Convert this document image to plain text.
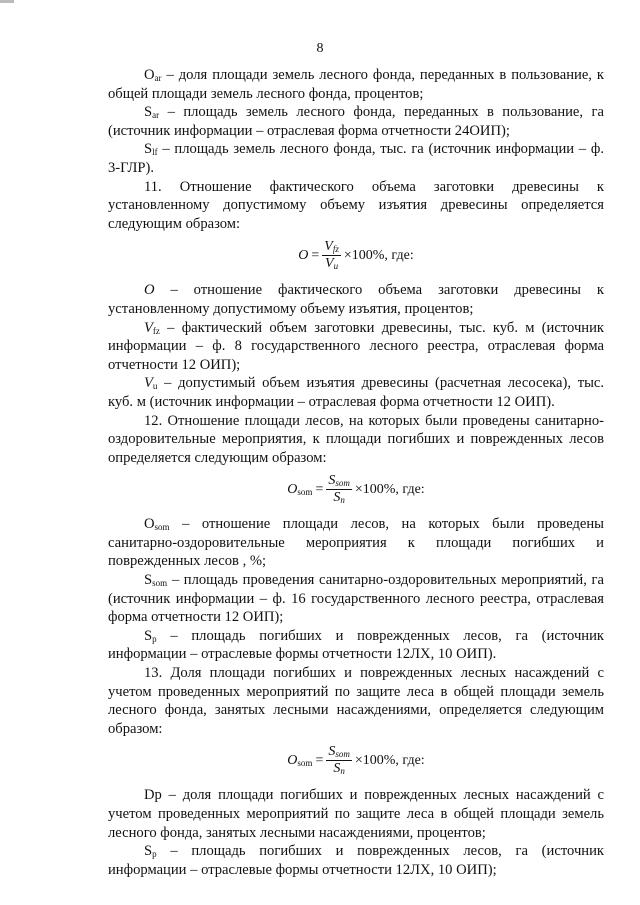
8

$O_{ar}$ – доля площади земель лесного фонда, переданных в пользование, к общей площади земель лесного фонда, процентов;

$S_{ar}$ – площадь земель лесного фонда, переданных в пользование, га (источник информации – отраслевая форма отчетности 24ОИП);

$S_{lf}$ – площадь земель лесного фонда, тыс. га (источник информации – ф. 3-ГЛР).

11. Отношение фактического объема заготовки древесины к установленному допустимому объему изъятия древесины определяется следующим образом:

$O = \frac{V_{fz}}{V_u} \times 100\%$, где:

O – отношение фактического объема заготовки древесины к установленному допустимому объему изъятия, процентов;

$V_{fz}$ – фактический объем заготовки древесины, тыс. куб. м (источник информации – ф. 8 государственного лесного реестра, отраслевая форма отчетности 12 ОИП);

$V_u$ – допустимый объем изъятия древесины (расчетная лесосека), тыс. куб. м (источник информации – отраслевая форма отчетности 12 ОИП).

12. Отношение площади лесов, на которых были проведены санитарно-оздоровительные мероприятия, к площади погибших и поврежденных лесов определяется следующим образом:

$O_{som} = \frac{S_{som}}{S_n} \times 100\%$, где:

$O_{som}$ – отношение площади лесов, на которых были проведены санитарно-оздоровительные мероприятия к площади погибших и поврежденных лесов , %;

$S_{som}$ – площадь проведения санитарно-оздоровительных мероприятий, га (источник информации – ф. 16 государственного лесного реестра, отраслевая форма отчетности 12 ОИП);

$S_p$ – площадь погибших и поврежденных лесов, га (источник информации – отраслевые формы отчетности 12ЛХ, 10 ОИП).

13. Доля площади погибших и поврежденных лесных насаждений с учетом проведенных мероприятий по защите леса в общей площади земель лесного фонда, занятых лесными насаждениями, определяется следующим образом:

$O_{som} = \frac{S_{som}}{S_n} \times 100\%$, где:

Dp – доля площади погибших и поврежденных лесных насаждений с учетом проведенных мероприятий по защите леса в общей площади земель лесного фонда, занятых лесными насаждениями, процентов;

$S_p$ – площадь погибших и поврежденных лесов, га (источник информации – отраслевые формы отчетности 12ЛХ, 10 ОИП);
